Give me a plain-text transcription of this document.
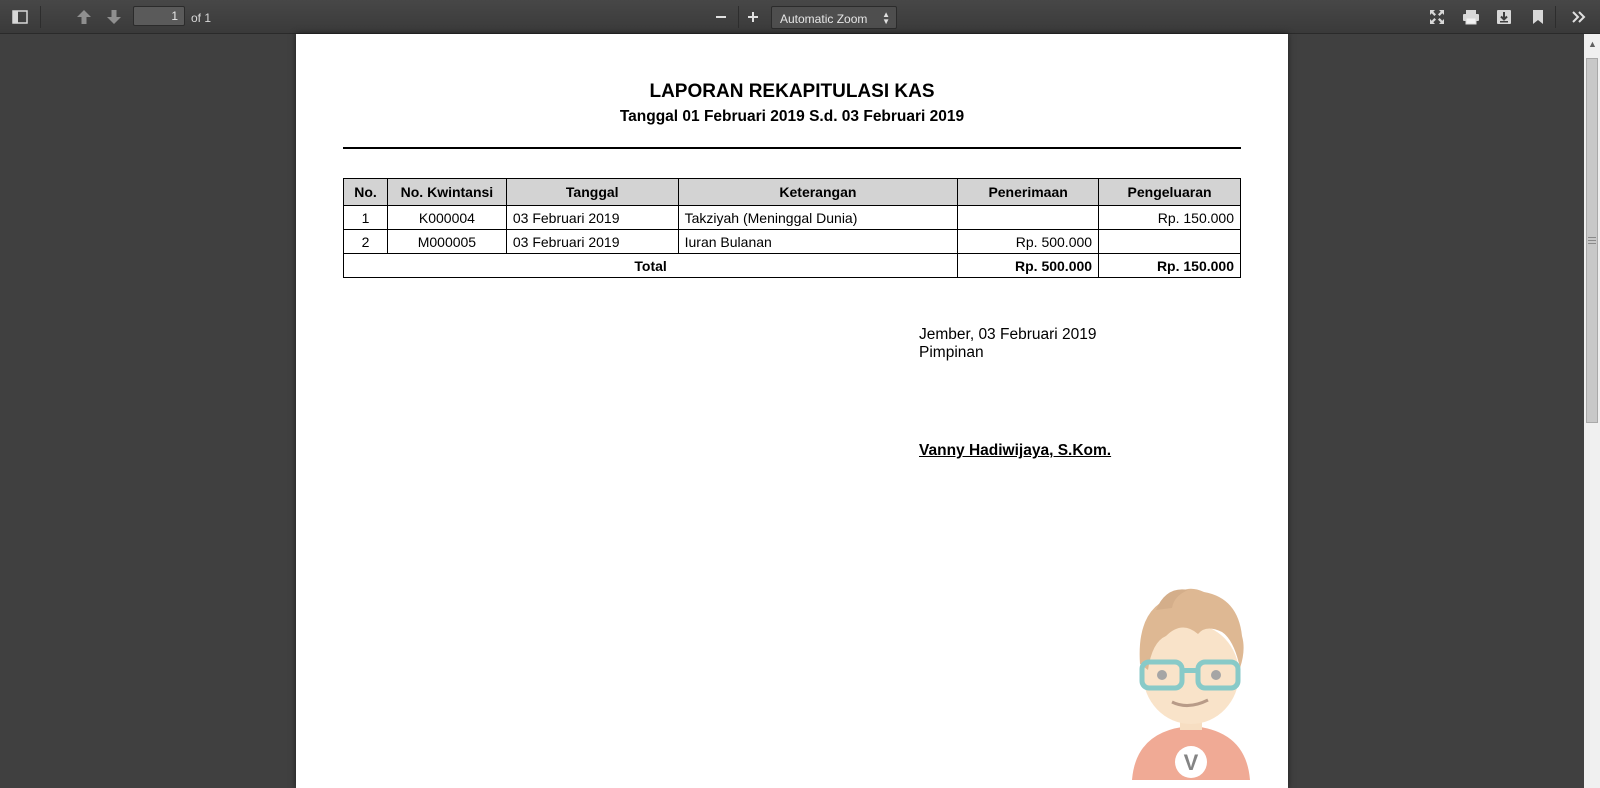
1
of 1	Automatic Zoom ▲
▼
LAPORAN REKAPITULASI KAS
Tanggal 01 Februari 2019 S.d. 03 Februari 2019
No.	No. Kwintansi	Tanggal	Keterangan	Penerimaan	Pengeluaran
1	K000004	03 Februari 2019	Takziyah (Meninggal Dunia)		Rp. 150.000
2	M000005	03 Februari 2019	Iuran Bulanan	Rp. 500.000	
Total				Rp. 500.000	Rp. 150.000
Jember, 03 Februari 2019
Pimpinan
Vanny Hadiwijaya, S.Kom.
V
▲
